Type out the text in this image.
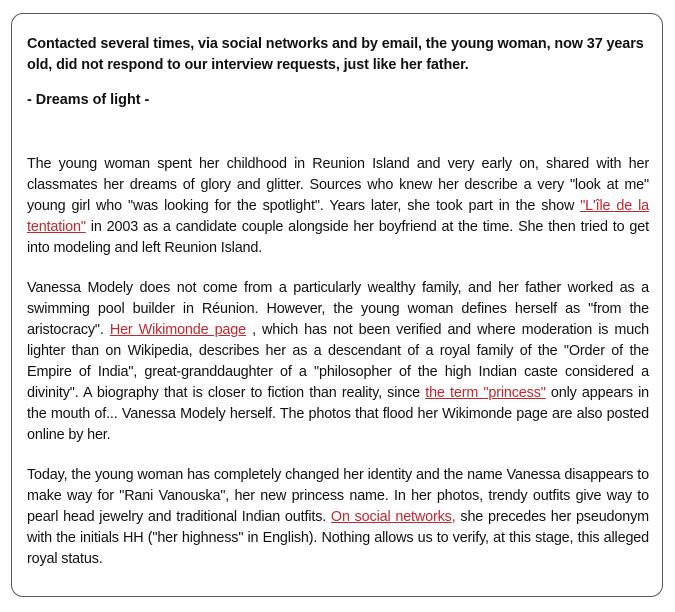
Contacted several times, via social networks and by email, the young woman, now 37 years old, did not respond to our interview requests, just like her father.

- Dreams of light -

The young woman spent her childhood in Reunion Island and very early on, shared with her classmates her dreams of glory and glitter. Sources who knew her describe a very "look at me" young girl who "was looking for the spotlight". Years later, she took part in the show "L'île de la tentation" in 2003 as a candidate couple alongside her boyfriend at the time. She then tried to get into modeling and left Reunion Island.

Vanessa Modely does not come from a particularly wealthy family, and her father worked as a swimming pool builder in Réunion. However, the young woman defines herself as "from the aristocracy". Her Wikimonde page , which has not been verified and where moderation is much lighter than on Wikipedia, describes her as a descendant of a royal family of the "Order of the Empire of India", great-granddaughter of a "philosopher of the high Indian caste considered a divinity". A biography that is closer to fiction than reality, since the term "princess" only appears in the mouth of... Vanessa Modely herself. The photos that flood her Wikimonde page are also posted online by her.

Today, the young woman has completely changed her identity and the name Vanessa disappears to make way for "Rani Vanouska", her new princess name. In her photos, trendy outfits give way to pearl head jewelry and traditional Indian outfits. On social networks, she precedes her pseudonym with the initials HH ("her highness" in English). Nothing allows us to verify, at this stage, this alleged royal status.
